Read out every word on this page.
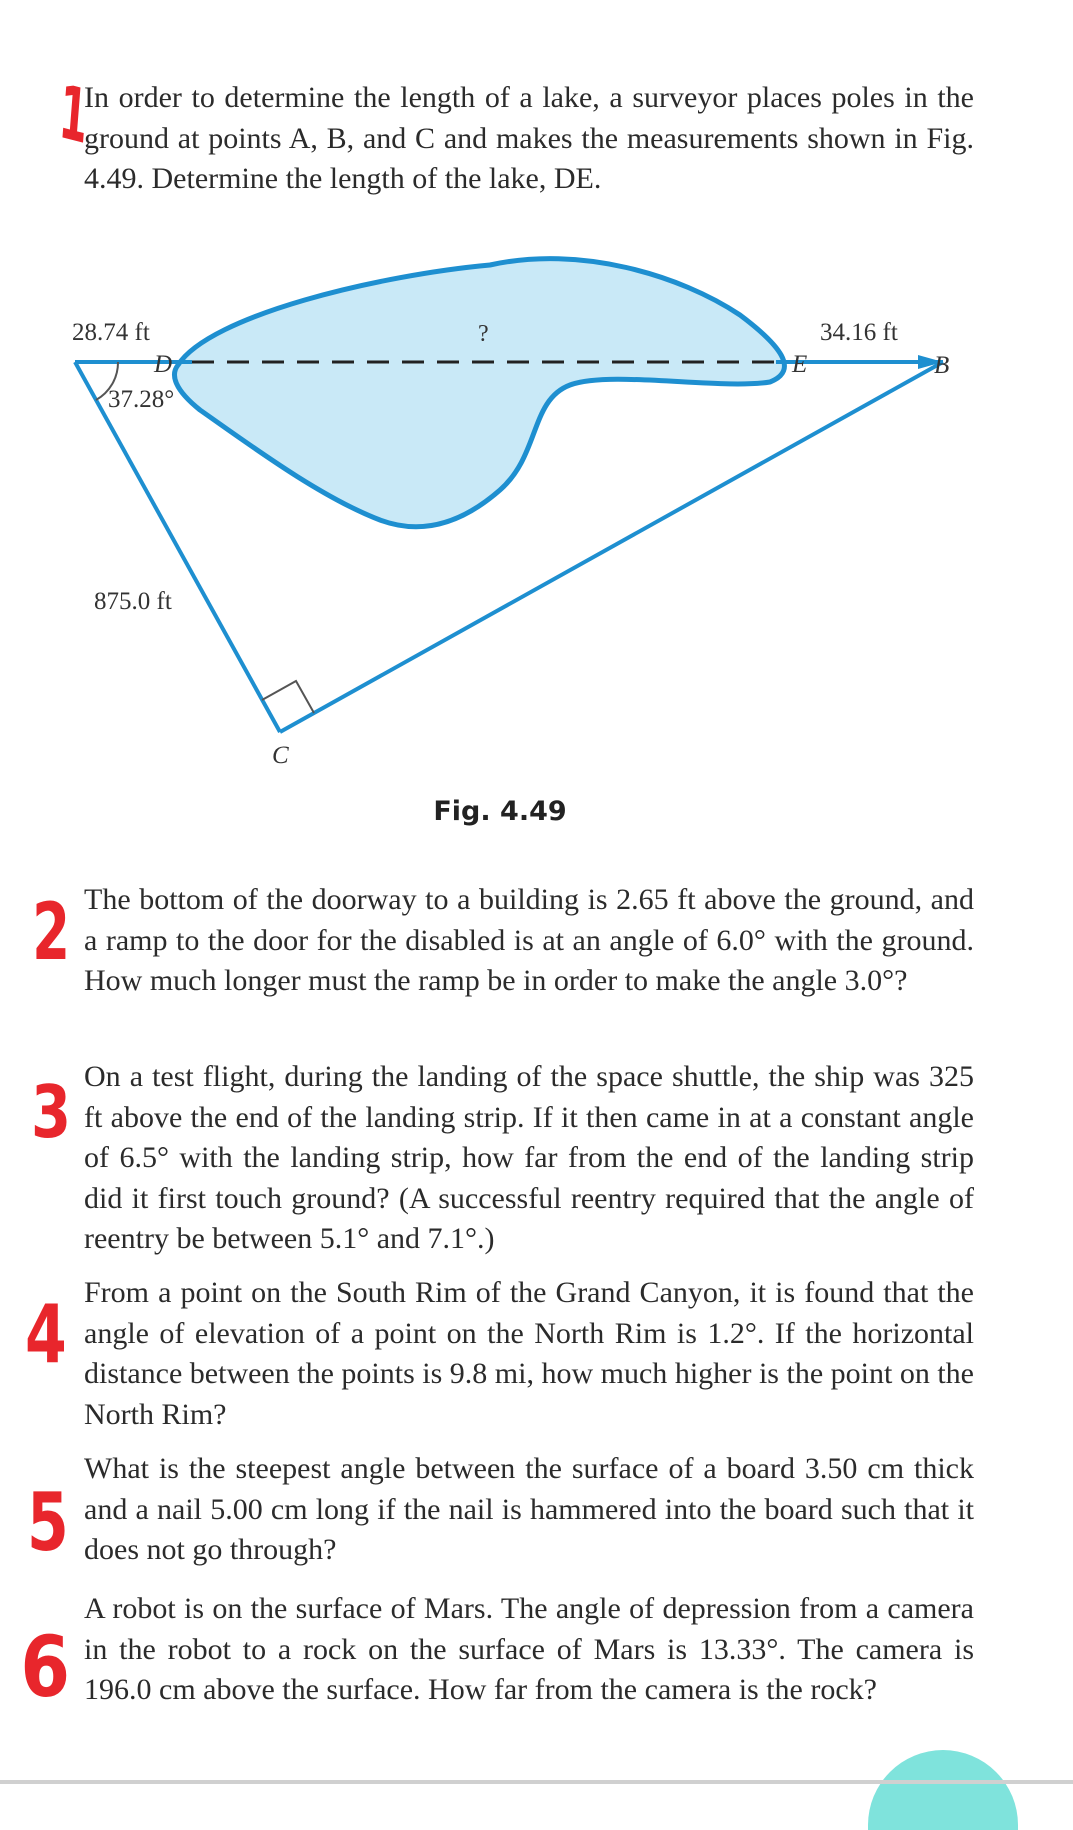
1

In order to determine the length of a lake, a surveyor places poles in the ground at points A, B, and C and makes the measurements shown in Fig. 4.49. Determine the length of the lake, DE.

28.74 ft	34.16 ft
?
37.28°
875.0 ft
D	E	B
C
Fig. 4.49
2 The bottom of the doorway to a building is 2.65 ft above the ground, and a ramp to the door for the disabled is at an angle of 6.0° with the ground. How much longer must the ramp be in order to make the angle 3.0°?

3 On a test flight, during the landing of the space shuttle, the ship was 325 ft above the end of the landing strip. If it then came in at a constant angle of 6.5° with the landing strip, how far from the end of the landing strip did it first touch ground? (A successful reentry required that the angle of reentry be between 5.1° and 7.1°.)

4 From a point on the South Rim of the Grand Canyon, it is found that the angle of elevation of a point on the North Rim is 1.2°. If the horizontal distance between the points is 9.8 mi, how much higher is the point on the North Rim?

5

What is the steepest angle between the surface of a board 3.50 cm thick and a nail 5.00 cm long if the nail is hammered into the board such that it does not go through?

6

A robot is on the surface of Mars. The angle of depression from a camera in the robot to a rock on the surface of Mars is 13.33°. The camera is 196.0 cm above the surface. How far from the camera is the rock?
